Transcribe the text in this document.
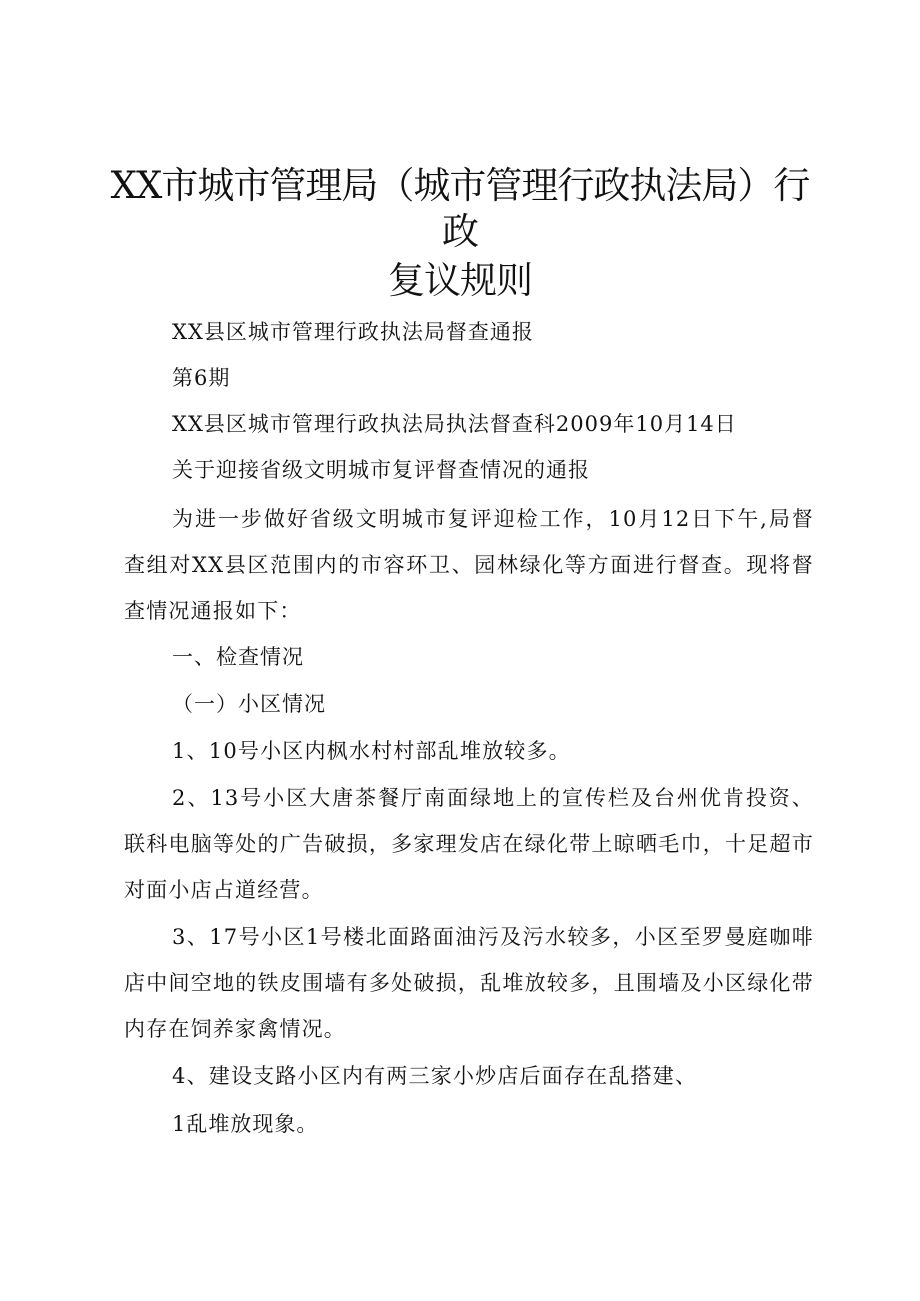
XX市城市管理局（城市管理行政执法局）行
政
复议规则

XX县区城市管理行政执法局督查通报

第6期

XX县区城市管理行政执法局执法督查科2009年10月14日

关于迎接省级文明城市复评督查情况的通报

为进一步做好省级文明城市复评迎检工作，10月12日下午,局督查组对XX县区范围内的市容环卫、园林绿化等方面进行督查。现将督查情况通报如下：

一、检查情况

（一）小区情况

1、10号小区内枫水村村部乱堆放较多。

2、13号小区大唐茶餐厅南面绿地上的宣传栏及台州优肯投资、联科电脑等处的广告破损，多家理发店在绿化带上晾晒毛巾，十足超市对面小店占道经营。

3、17号小区1号楼北面路面油污及污水较多，小区至罗曼庭咖啡店中间空地的铁皮围墙有多处破损，乱堆放较多，且围墙及小区绿化带内存在饲养家禽情况。

4、建设支路小区内有两三家小炒店后面存在乱搭建、

1乱堆放现象。
